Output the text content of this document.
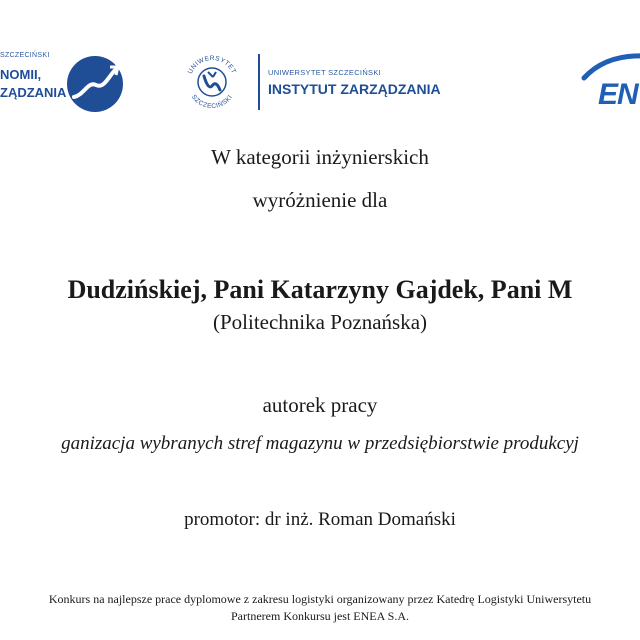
SZCZECIŃSKI
NOMII,
ZĄDZANIA
UNIWERSYTET
SZCZECIŃSKI
UNIWERSYTET SZCZECIŃSKI
INSTYTUT ZARZĄDZANIA	EN
W kategorii inżynierskich
wyróżnienie dla
Dudzińskiej, Pani Katarzyny Gajdek, Pani M
(Politechnika Poznańska)
autorek pracy
ganizacja wybranych stref magazynu w przedsiębiorstwie produkcyj
promotor: dr inż. Roman Domański
Konkurs na najlepsze prace dyplomowe z zakresu logistyki organizowany przez Katedrę Logistyki Uniwersytetu
Partnerem Konkursu jest ENEA S.A.
